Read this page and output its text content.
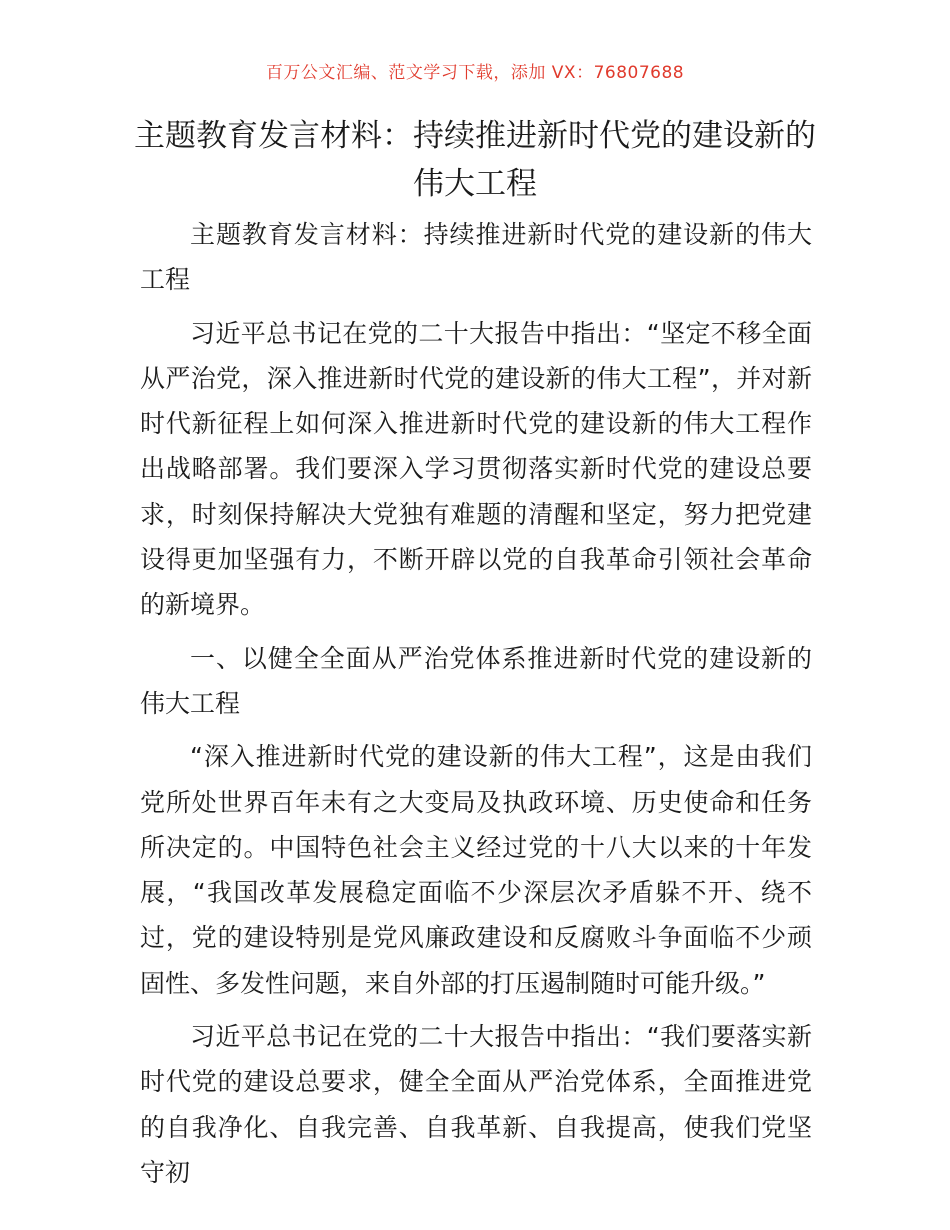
百万公文汇编、范文学习下载，添加 VX：76807688
主题教育发言材料：持续推进新时代党的建设新的伟大工程

主题教育发言材料：持续推进新时代党的建设新的伟大工程

习近平总书记在党的二十大报告中指出：“坚定不移全面从严治党，深入推进新时代党的建设新的伟大工程”，并对新时代新征程上如何深入推进新时代党的建设新的伟大工程作出战略部署。我们要深入学习贯彻落实新时代党的建设总要求，时刻保持解决大党独有难题的清醒和坚定，努力把党建设得更加坚强有力，不断开辟以党的自我革命引领社会革命的新境界。

一、以健全全面从严治党体系推进新时代党的建设新的伟大工程

“深入推进新时代党的建设新的伟大工程”，这是由我们党所处世界百年未有之大变局及执政环境、历史使命和任务所决定的。中国特色社会主义经过党的十八大以来的十年发展，“我国改革发展稳定面临不少深层次矛盾躲不开、绕不过，党的建设特别是党风廉政建设和反腐败斗争面临不少顽固性、多发性问题，来自外部的打压遏制随时可能升级。”

习近平总书记在党的二十大报告中指出：“我们要落实新时代党的建设总要求，健全全面从严治党体系，全面推进党的自我净化、自我完善、自我革新、自我提高，使我们党坚守初
